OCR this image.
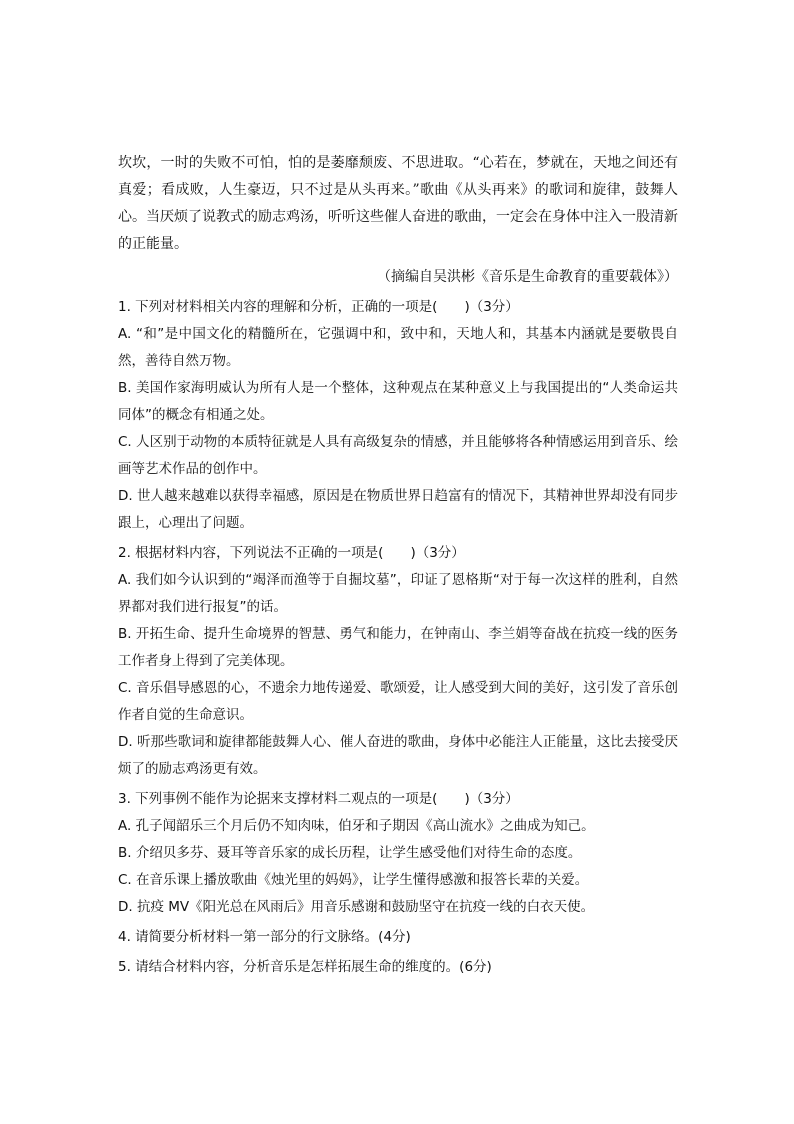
坎坎，一时的失败不可怕，怕的是萎靡颓废、不思进取。“心若在，梦就在，天地之间还有真爱；看成败，人生豪迈，只不过是从头再来。”歌曲《从头再来》的歌词和旋律，鼓舞人心。当厌烦了说教式的励志鸡汤，听听这些催人奋进的歌曲，一定会在身体中注入一股清新的正能量。

（摘编自吴洪彬《音乐是生命教育的重要载体》）
1. 下列对材料相关内容的理解和分析，正确的一项是(　　)（3分）
A. “和”是中国文化的精髓所在，它强调中和，致中和，天地人和，其基本内涵就是要敬畏自然，善待自然万物。
B. 美国作家海明威认为所有人是一个整体，这种观点在某种意义上与我国提出的“人类命运共同体”的概念有相通之处。
C. 人区别于动物的本质特征就是人具有高级复杂的情感，并且能够将各种情感运用到音乐、绘画等艺术作品的创作中。
D. 世人越来越难以获得幸福感，原因是在物质世界日趋富有的情况下，其精神世界却没有同步跟上，心理出了问题。
2. 根据材料内容，下列说法不正确的一项是(　　)（3分）
A. 我们如今认识到的“竭泽而渔等于自掘坟墓”，印证了恩格斯“对于每一次这样的胜利，自然界都对我们进行报复”的话。
B. 开拓生命、提升生命境界的智慧、勇气和能力，在钟南山、李兰娟等奋战在抗疫一线的医务工作者身上得到了完美体现。
C. 音乐倡导感恩的心，不遗余力地传递爱、歌颂爱，让人感受到大间的美好，这引发了音乐创作者自觉的生命意识。
D. 听那些歌词和旋律都能鼓舞人心、催人奋进的歌曲，身体中必能注人正能量，这比去接受厌烦了的励志鸡汤更有效。
3. 下列事例不能作为论据来支撑材料二观点的一项是(　　)（3分）
A. 孔子闻韶乐三个月后仍不知肉味，伯牙和子期因《高山流水》之曲成为知己。
B. 介绍贝多芬、聂耳等音乐家的成长历程，让学生感受他们对待生命的态度。
C. 在音乐课上播放歌曲《烛光里的妈妈》，让学生懂得感激和报答长辈的关爱。
D. 抗疫 MV《阳光总在风雨后》用音乐感谢和鼓励坚守在抗疫一线的白衣天使。
4. 请简要分析材料一第一部分的行文脉络。(4分)
5. 请结合材料内容，分析音乐是怎样拓展生命的维度的。(6分)
